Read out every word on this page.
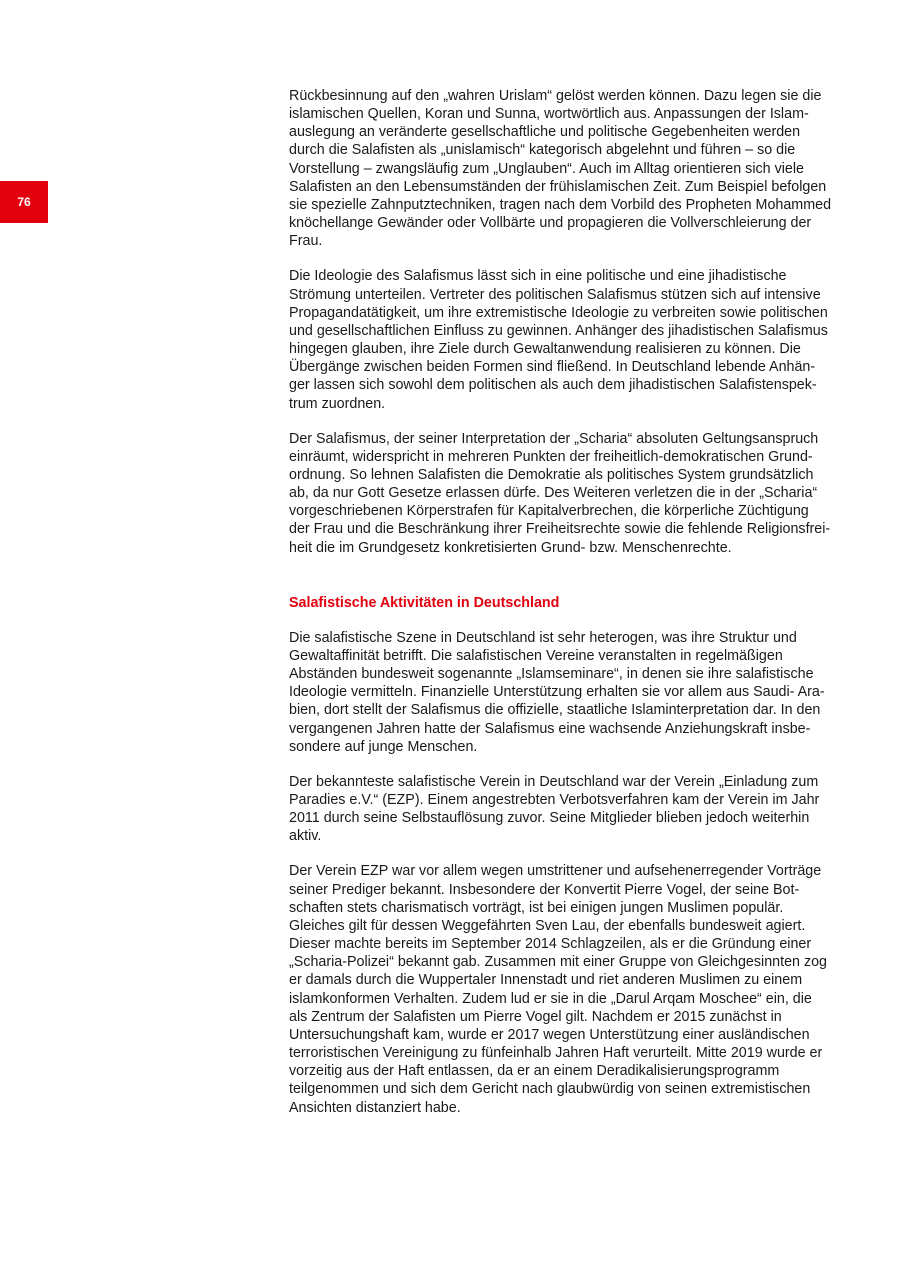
76

Rückbesinnung auf den „wahren Urislam“ gelöst werden können. Dazu legen sie die
islamischen Quellen, Koran und Sunna, wortwörtlich aus. Anpassungen der Islam-
auslegung an veränderte gesellschaftliche und politische Gegebenheiten werden
durch die Salafisten als „unislamisch“ kategorisch abgelehnt und führen – so die
Vorstellung – zwangsläufig zum „Unglauben“. Auch im Alltag orientieren sich viele
Salafisten an den Lebensumständen der frühislamischen Zeit. Zum Beispiel befolgen
sie spezielle Zahnputztechniken, tragen nach dem Vorbild des Propheten Mohammed
knöchellange Gewänder oder Vollbärte und propagieren die Vollverschleierung der
Frau.

Die Ideologie des Salafismus lässt sich in eine politische und eine jihadistische
Strömung unterteilen. Vertreter des politischen Salafismus stützen sich auf intensive
Propagandatätigkeit, um ihre extremistische Ideologie zu verbreiten sowie politischen
und gesellschaftlichen Einfluss zu gewinnen. Anhänger des jihadistischen Salafismus
hingegen glauben, ihre Ziele durch Gewaltanwendung realisieren zu können. Die
Übergänge zwischen beiden Formen sind fließend. In Deutschland lebende Anhän-
ger lassen sich sowohl dem politischen als auch dem jihadistischen Salafistenspek-
trum zuordnen.

Der Salafismus, der seiner Interpretation der „Scharia“ absoluten Geltungsanspruch
einräumt, widerspricht in mehreren Punkten der freiheitlich-demokratischen Grund-
ordnung. So lehnen Salafisten die Demokratie als politisches System grundsätzlich
ab, da nur Gott Gesetze erlassen dürfe. Des Weiteren verletzen die in der „Scharia“
vorgeschriebenen Körperstrafen für Kapitalverbrechen, die körperliche Züchtigung
der Frau und die Beschränkung ihrer Freiheitsrechte sowie die fehlende Religionsfrei-
heit die im Grundgesetz konkretisierten Grund- bzw. Menschenrechte.

Salafistische Aktivitäten in Deutschland

Die salafistische Szene in Deutschland ist sehr heterogen, was ihre Struktur und
Gewaltaffinität betrifft. Die salafistischen Vereine veranstalten in regelmäßigen
Abständen bundesweit sogenannte „Islamseminare“, in denen sie ihre salafistische
Ideologie vermitteln. Finanzielle Unterstützung erhalten sie vor allem aus Saudi- Ara-
bien, dort stellt der Salafismus die offizielle, staatliche Islaminterpretation dar. In den
vergangenen Jahren hatte der Salafismus eine wachsende Anziehungskraft insbe-
sondere auf junge Menschen.

Der bekannteste salafistische Verein in Deutschland war der Verein „Einladung zum
Paradies e.V.“ (EZP). Einem angestrebten Verbotsverfahren kam der Verein im Jahr
2011 durch seine Selbstauflösung zuvor. Seine Mitglieder blieben jedoch weiterhin
aktiv.

Der Verein EZP war vor allem wegen umstrittener und aufsehenerregender Vorträge
seiner Prediger bekannt. Insbesondere der Konvertit Pierre Vogel, der seine Bot-
schaften stets charismatisch vorträgt, ist bei einigen jungen Muslimen populär.
Gleiches gilt für dessen Weggefährten Sven Lau, der ebenfalls bundesweit agiert.
Dieser machte bereits im September 2014 Schlagzeilen, als er die Gründung einer
„Scharia-Polizei“ bekannt gab. Zusammen mit einer Gruppe von Gleichgesinnten zog
er damals durch die Wuppertaler Innenstadt und riet anderen Muslimen zu einem
islamkonformen Verhalten. Zudem lud er sie in die „Darul Arqam Moschee“ ein, die
als Zentrum der Salafisten um Pierre Vogel gilt. Nachdem er 2015 zunächst in
Untersuchungshaft kam, wurde er 2017 wegen Unterstützung einer ausländischen
terroristischen Vereinigung zu fünfeinhalb Jahren Haft verurteilt. Mitte 2019 wurde er
vorzeitig aus der Haft entlassen, da er an einem Deradikalisierungsprogramm
teilgenommen und sich dem Gericht nach glaubwürdig von seinen extremistischen
Ansichten distanziert habe.
